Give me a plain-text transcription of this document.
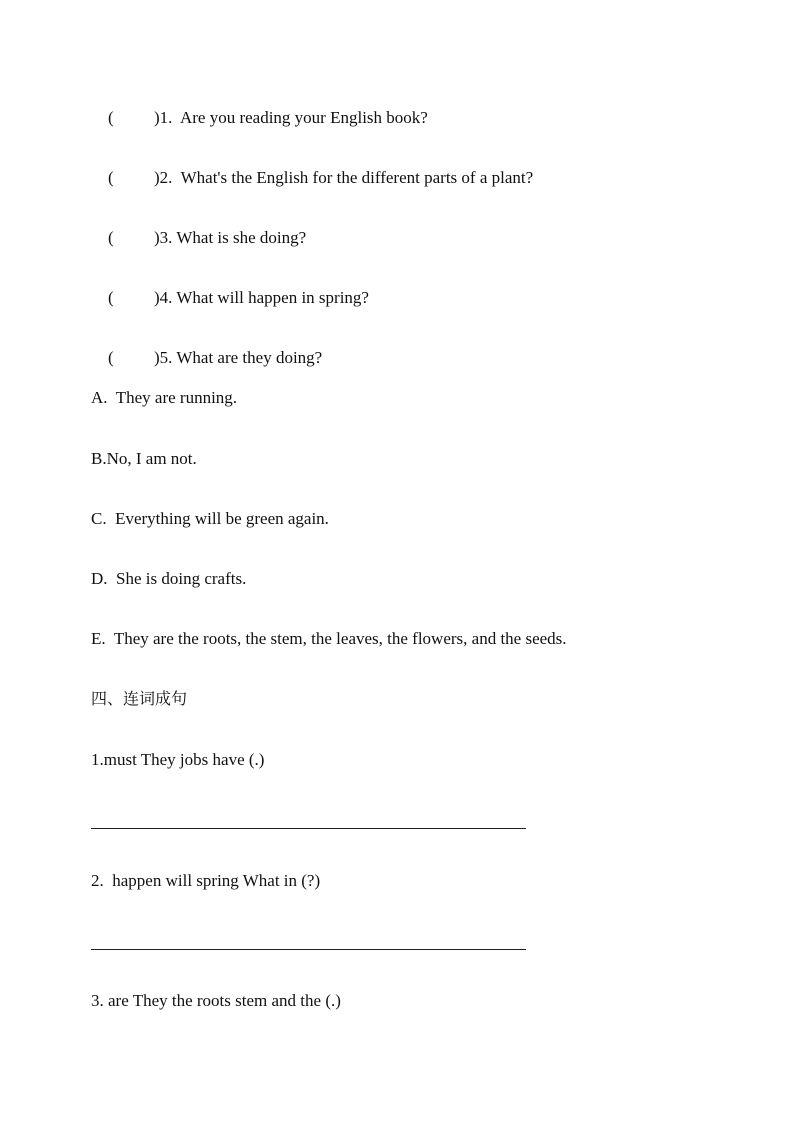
( )1.  Are you reading your English book?

( )2.  What's the English for the different parts of a plant?

( )3. What is she doing?

( )4. What will happen in spring?

( )5. What are they doing?

A.  They are running.
B.No, I am not.
C.  Everything will be green again.
D.  She is doing crafts.
E.  They are the roots, the stem, the leaves, the flowers, and the seeds.
四、连词成句
1.must They jobs have (.)
2.  happen will spring What in (?)
3. are They the roots stem and the (.)
